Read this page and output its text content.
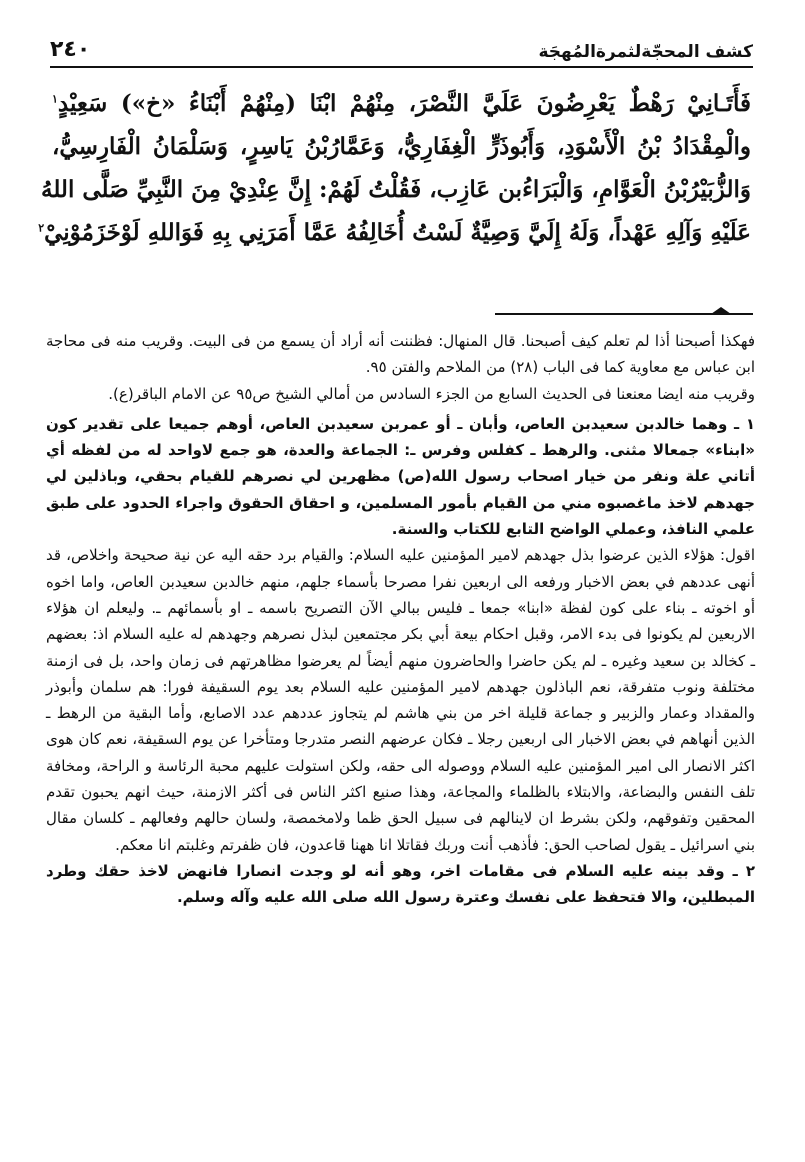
٢٤٠	كشف المحجّةلثمرةالمُهجَة
فَأَتَـانِيْ رَهْطٌ يَعْرِضُونَ عَلَيَّ النَّصْرَ، مِنْهُمْ ابْنَا (مِنْهُمْ أَبْنَاءُ «خ») سَعِيْدٍ$^١$
والْمِقْدَادُ بْنُ الْأَسْوَدِ، وَأَبُوذَرٍّ الْغِفَارِيُّ، وَعَمَّارُبْنُ يَاسِرٍ، وَسَلْمَانُ الْفَارِسِيُّ،
وَالزُّبَيْرُبْنُ الْعَوَّامِ، وَالْبَرَاءُبن عَازِب، فَقُلْتُ لَهُمْ: إِنَّ عِنْدِيْ مِنَ النَّبِيِّ صَلَّى اللهُ
عَلَيْهِ وَآلِهِ عَهْداً، وَلَهُ إِلَيَّ وَصِيَّةٌ لَسْتُ أُخَالِفُهُ عَمَّا أَمَرَنِي بِهِ فَوَاللهِ لَوْخَزَمُوْنِيْ$^٢$

فهكذا أصبحنا أذا لم تعلم كيف أصبحنا. قال المنهال: فظننت أنه أراد أن يسمع من فى البيت. وقريب منه فى محاجة ابن عباس مع معاوية كما فى الباب (٢٨) من الملاحم والفتن ٩٥.

وقريب منه ايضا معنعنا فى الحديث السابع من الجزء السادس من أمالي الشيخ ص٩٥ عن الامام الباقر(ع).

١ ـ وهما خالدبن سعيدبن العاص، وأبان ـ أو عمربن سعيدبن العاص، أوهم جميعا على تقدير كون «ابناء» جمعالا مثنى. والرهط ـ كفلس وفرس ـ: الجماعة والعدة، هو جمع لاواحد له من لفظه أي أتاني علة ونفر من خيار اصحاب رسول الله(ص) مظهرين لي نصرهم للقيام بحقي، وباذلين لي جهدهم لاخذ ماغصبوه مني من القيام بأمور المسلمين، و احقاق الحقوق واجراء الحدود على طبق علمي النافذ، وعملي الواضح التابع للكتاب والسنة.

اقول: هؤلاء الذين عرضوا بذل جهدهم لامير المؤمنين عليه السلام: والقيام برد حقه اليه عن نية صحيحة واخلاص، قد أنهى عددهم في بعض الاخبار ورفعه الى اربعين نفرا مصرحا بأسماء جلهم، منهم خالدبن سعيدبن العاص، واما اخوه أو اخوته ـ بناء على كون لفظة «ابنا» جمعا ـ فليس ببالي الآن التصريح باسمه ـ او بأسمائهم ـ. وليعلم ان هؤلاء الاربعين لم يكونوا فى بدء الامر، وقبل احكام بيعة أبي بكر مجتمعين لبذل نصرهم وجهدهم له عليه السلام اذ: بعضهم ـ كخالد بن سعيد وغيره ـ لم يكن حاضرا والحاضرون منهم أيضاً لم يعرضوا مظاهرتهم فى زمان واحد، بل فى ازمنة مختلفة ونوب متفرقة، نعم الباذلون جهدهم لامير المؤمنين عليه السلام بعد يوم السقيفة فورا: هم سلمان وأبوذر والمقداد وعمار والزبير و جماعة قليلة اخر من بني هاشم لم يتجاوز عددهم عدد الاصابع، وأما البقية من الرهط ـ الذين أنهاهم في بعض الاخبار الى اربعين رجلا ـ فكان عرضهم النصر متدرجا ومتأخرا عن يوم السقيفة، نعم كان هوى اكثر الانصار الى امير المؤمنين عليه السلام ووصوله الى حقه، ولكن استولت عليهم محبة الرئاسة و الراحة، ومخافة تلف النفس والبضاعة، والابتلاء بالظلماء والمجاعة، وهذا صنيع اكثر الناس فى أكثر الازمنة، حيث انهم يحبون تقدم المحقين وتفوقهم، ولكن بشرط ان لاينالهم فى سبيل الحق ظما ولامخمصة، ولسان حالهم وفعالهم ـ كلسان مقال بني اسرائيل ـ يقول لصاحب الحق: فأذهب أنت وربك فقاتلا انا ههنا قاعدون، فان ظفرتم وغلبتم انا معكم.

٢ ـ وقد بينه عليه السلام فى مقامات اخر، وهو أنه لو وجدت انصارا فانهض لاخذ حقك وطرد المبطلين، والا فتحفظ على نفسك وعترة رسول الله صلى الله عليه وآله وسلم.
